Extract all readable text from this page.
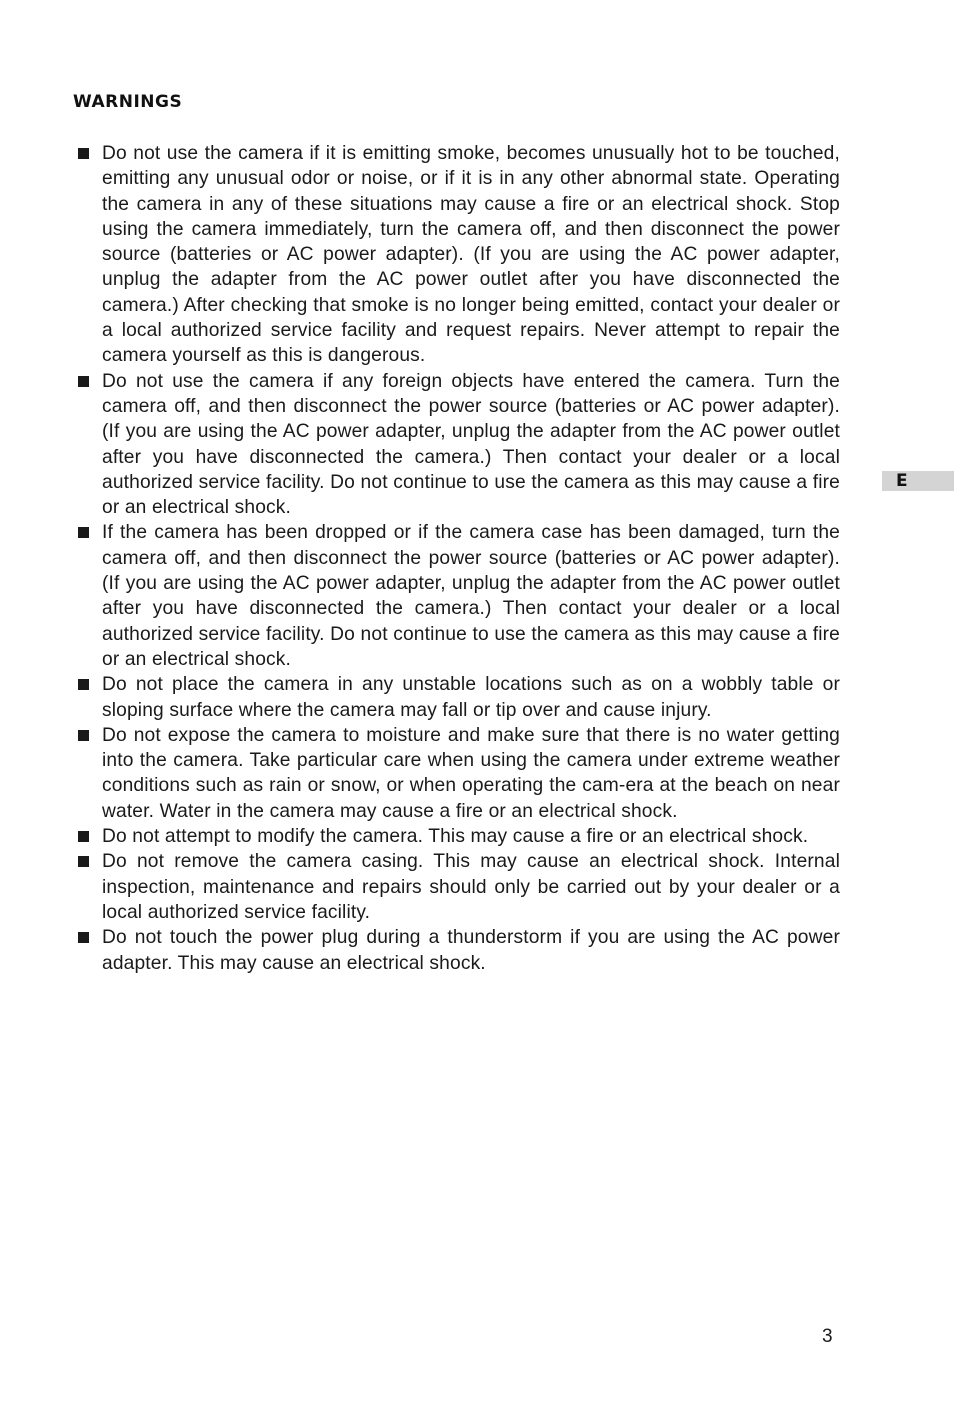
WARNINGS
Do not use the camera if it is emitting smoke, becomes unusually hot to be touched, emitting any unusual odor or noise, or if it is in any other abnormal state. Operating the camera in any of these situations may cause a fire or an electrical shock. Stop using the camera immediately, turn the camera off, and then disconnect the power source (batteries or AC power adapter). (If you are using the AC power adapter, unplug the adapter from the AC power outlet after you have disconnected the camera.) After checking that smoke is no longer being emitted, contact your dealer or a local authorized service facility and request repairs. Never attempt to repair the camera yourself as this is dangerous.
Do not use the camera if any foreign objects have entered the camera. Turn the camera off, and then disconnect the power source (batteries or AC power adapter). (If you are using the AC power adapter, unplug the adapter from the AC power outlet after you have disconnected the camera.) Then contact your dealer or a local authorized service facility. Do not continue to use the camera as this may cause a fire or an electrical shock.
If the camera has been dropped or if the camera case has been damaged, turn the camera off, and then disconnect the power source (batteries or AC power adapter). (If you are using the AC power adapter, unplug the adapter from the AC power outlet after you have disconnected the camera.) Then contact your dealer or a local authorized service facility. Do not continue to use the camera as this may cause a fire or an electrical shock.
Do not place the camera in any unstable locations such as on a wobbly table or sloping surface where the camera may fall or tip over and cause injury.
Do not expose the camera to moisture and make sure that there is no water getting into the camera. Take particular care when using the camera under extreme weather conditions such as rain or snow, or when operating the cam-era at the beach on near water. Water in the camera may cause a fire or an electrical shock.
Do not attempt to modify the camera. This may cause a fire or an electrical shock.
Do not remove the camera casing. This may cause an electrical shock. Internal inspection, maintenance and repairs should only be carried out by your dealer or a local authorized service facility.
Do not touch the power plug during a thunderstorm if you are using the AC power adapter. This may cause an electrical shock.
E
3
